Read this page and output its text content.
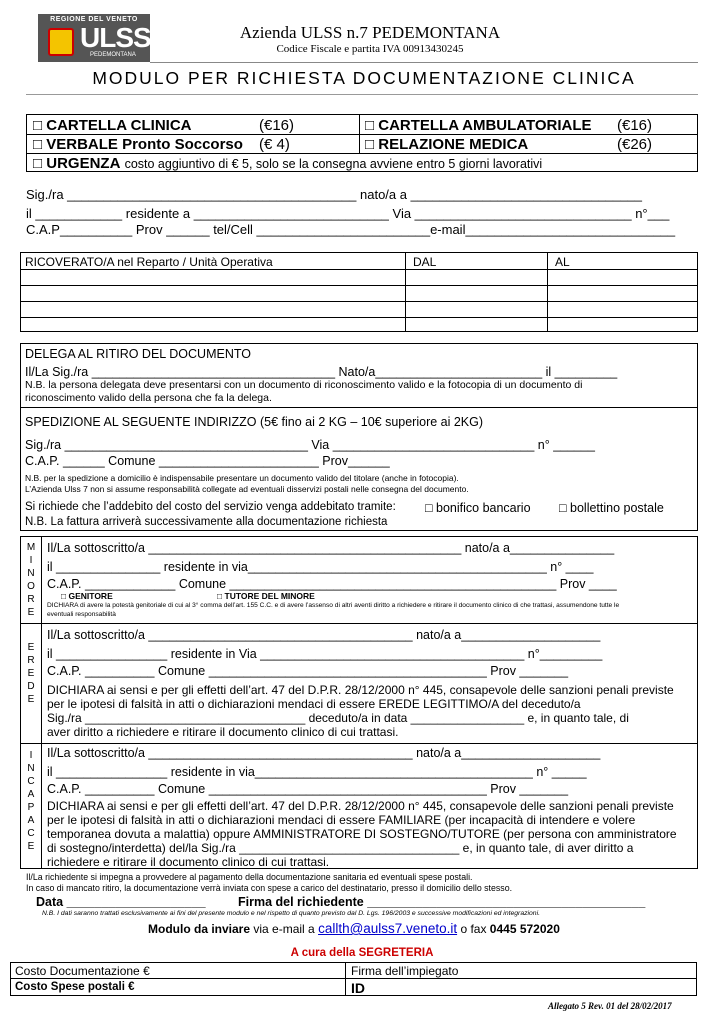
REGIONE DEL VENETO
ULSS7
PEDEMONTANA
Azienda ULSS n.7 PEDEMONTANA
Codice Fiscale e partita IVA 00913430245
MODULO PER RICHIESTA DOCUMENTAZIONE CLINICA
□ CARTELLA CLINICA	(€16)	□ CARTELLA AMBULATORIALE (€16)
□ VERBALE Pronto Soccorso (€ 4)	□ RELAZIONE MEDICA	(€26)
□ URGENZA costo aggiuntivo di € 5, solo se la consegna avviene entro 5 giorni lavorativi
Sig./ra ________________________________________ nato/a a ________________________________
il ____________ residente a ___________________________ Via ______________________________ n°___
C.A.P__________ Prov ______ tel/Cell ________________________e-mail_____________________________
RICOVERATO/A nel Reparto / Unità Operativa	DAL	AL
DELEGA AL RITIRO DEL DOCUMENTO
Il/La Sig./ra ___________________________________ Nato/a________________________ il _________
N.B. la persona delegata deve presentarsi con un documento di riconoscimento valido e la fotocopia di un documento di
riconoscimento valido della persona che fa la delega.
SPEDIZIONE AL SEGUENTE INDIRIZZO (5€ fino ai 2 KG – 10€ superiore ai 2KG)
Sig./ra ___________________________________ Via _____________________________ n° ______
C.A.P. ______ Comune _______________________ Prov______
N.B. per la spedizione a domicilio è indispensabile presentare un documento valido del titolare (anche in fotocopia).
L’Azienda Ulss 7 non si assume responsabilità collegate ad eventuali disservizi postali nelle consegna del documento.
Si richiede che l’addebito del costo del servizio venga addebitato tramite: □ bonifico bancario □ bollettino postale
N.B. La fattura arriverà successivamente alla documentazione richiesta
M
I
N
O
R
E
Il/La sottoscritto/a _____________________________________________ nato/a a_______________
il _______________ residente in via___________________________________________ n° ____
C.A.P. _____________ Comune _______________________________________________ Prov ____
□ GENITORE	□ TUTORE DEL MINORE
DICHIARA di avere la potestà genitoriale di cui al 3° comma dell’art. 155 C.C. e di avere l’assenso di altri aventi diritto a richiedere e ritirare il documento clinico di che trattasi, assumendone tutte le
eventuali responsabilità
E
R
E
D
E
Il/La sottoscritto/a ______________________________________ nato/a a____________________
il ________________ residente in Via ______________________________________ n°_________
C.A.P. __________ Comune ________________________________________ Prov _______
DICHIARA ai sensi e per gli effetti dell’art. 47 del D.P.R. 28/12/2000 n° 445, consapevole delle sanzioni penali previste
per le ipotesi di falsità in atti o dichiarazioni mendaci di essere EREDE LEGITTIMO/A del deceduto/a
Sig./ra _________________________________ deceduto/a in data _________________ e, in quanto tale, di
aver diritto a richiedere e ritirare il documento clinico di cui trattasi.
I
N
C
A
P
A
C
E
Il/La sottoscritto/a ______________________________________ nato/a a____________________
il ________________ residente in via________________________________________ n° _____
C.A.P. __________ Comune ________________________________________ Prov _______
DICHIARA ai sensi e per gli effetti dell’art. 47 del D.P.R. 28/12/2000 n° 445, consapevole delle sanzioni penali previste
per le ipotesi di falsità in atti o dichiarazioni mendaci di essere FAMILIARE (per incapacità di intendere e volere
temporanea dovuta a malattia) oppure AMMINISTRATORE DI SOSTEGNO/TUTORE (per persona con amministratore
di sostegno/interdetta) del/la Sig./ra _________________________________ e, in quanto tale, di aver diritto a
richiedere e ritirare il documento clinico di cui trattasi.
Il/La richiedente si impegna a provvedere al pagamento della documentazione sanitaria ed eventuali spese postali.
In caso di mancato ritiro, la documentazione verrà inviata con spese a carico del destinatario, presso il domicilio dello stesso.
Data ____________________	Firma del richiedente ________________________________________
N.B. I dati saranno trattati esclusivamente ai fini del presente modulo e nel rispetto di quanto previsto dal D. Lgs. 196/2003 e successive modificazioni ed integrazioni.
Modulo da inviare via e-mail a callth@aulss7.veneto.it o fax 0445 572020
A cura della SEGRETERIA
Costo Documentazione €	Firma dell’impiegato
Costo Spese postali €	ID
Allegato 5 Rev. 01 del 28/02/2017
